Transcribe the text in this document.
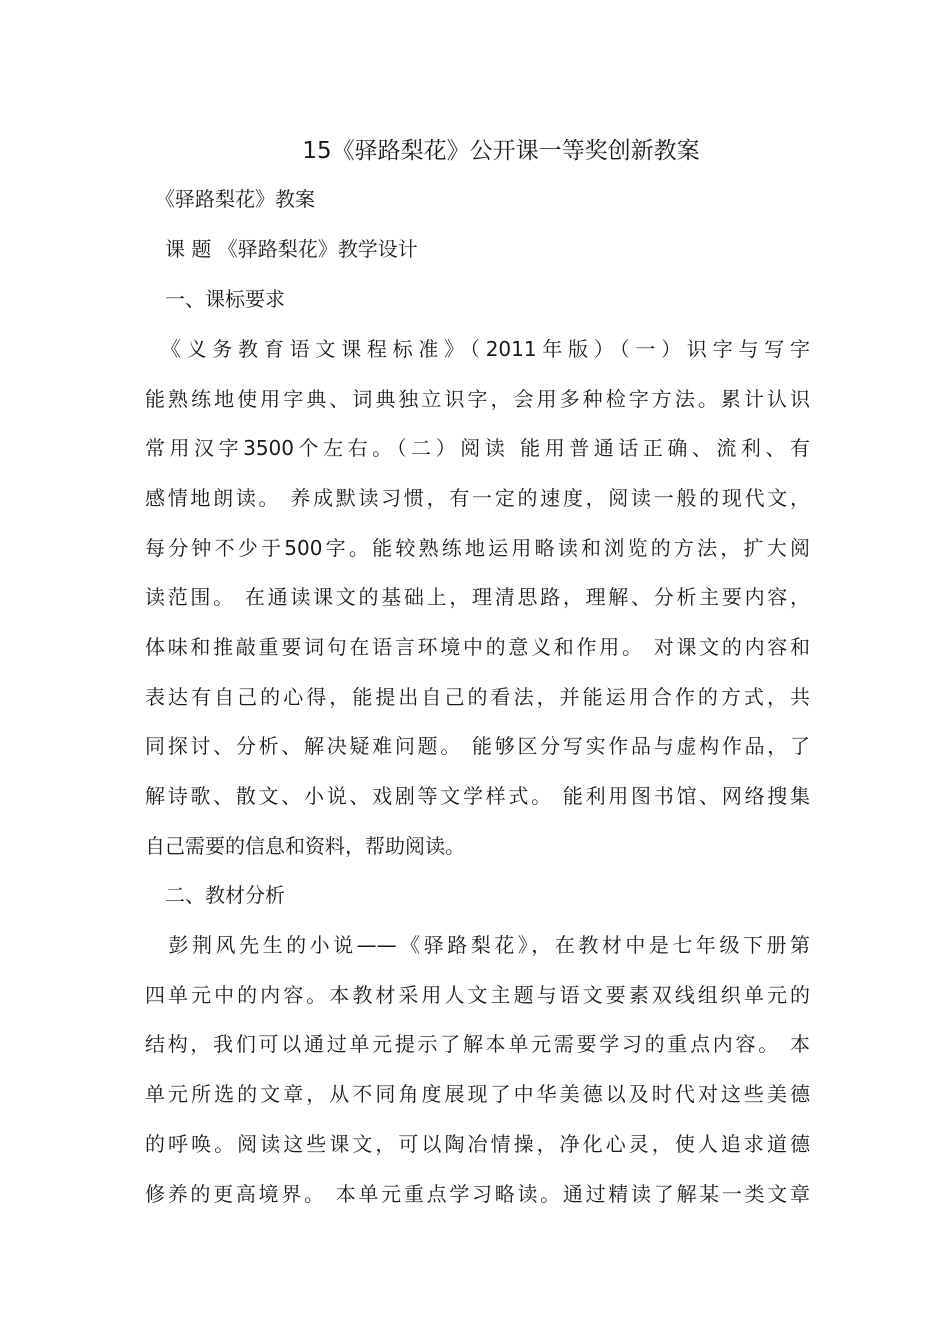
15《驿路梨花》公开课一等奖创新教案
　《驿路梨花》教案
　课 题 《驿路梨花》教学设计
　一、课标要求
　《义务教育语文课程标准》（2011年版）（一）识字与写字
能熟练地使用字典、词典独立识字，会用多种检字方法。累计认识
常用汉字3500个左右。（二）阅读 能用普通话正确、流利、有
感情地朗读。 养成默读习惯，有一定的速度，阅读一般的现代文，
每分钟不少于500字。能较熟练地运用略读和浏览的方法，扩大阅
读范围。 在通读课文的基础上，理清思路，理解、分析主要内容，
体味和推敲重要词句在语言环境中的意义和作用。 对课文的内容和
表达有自己的心得，能提出自己的看法，并能运用合作的方式，共
同探讨、分析、解决疑难问题。 能够区分写实作品与虚构作品，了
解诗歌、散文、小说、戏剧等文学样式。 能利用图书馆、网络搜集
自己需要的信息和资料，帮助阅读。
　二、教材分析
　彭荆风先生的小说——《驿路梨花》，在教材中是七年级下册第
四单元中的内容。本教材采用人文主题与语文要素双线组织单元的
结构，我们可以通过单元提示了解本单元需要学习的重点内容。 本
单元所选的文章，从不同角度展现了中华美德以及时代对这些美德
的呼唤。阅读这些课文，可以陶冶情操，净化心灵，使人追求道德
修养的更高境界。 本单元重点学习略读。通过精读了解某一类文章
